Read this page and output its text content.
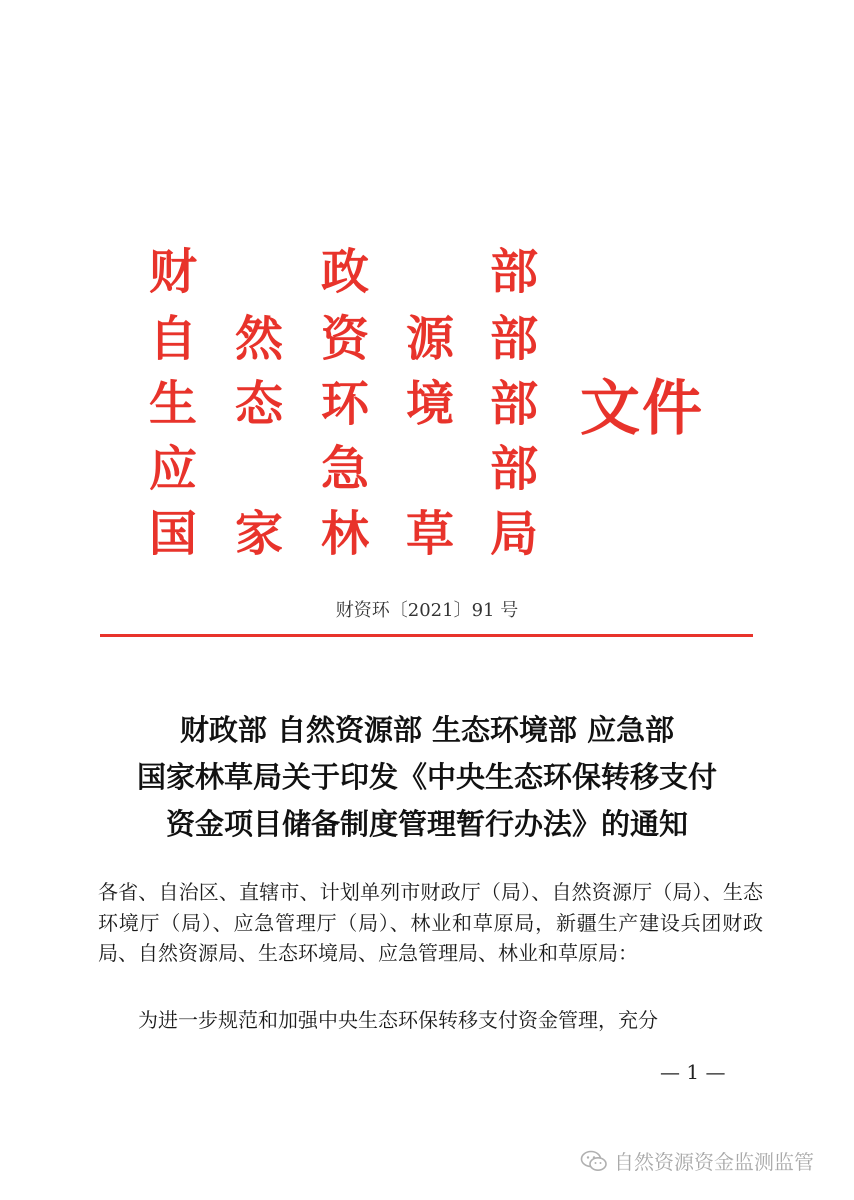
财	政	部
自 然 资 源 部
生 态 环 境 部
应	急	部
国 家 林 草 局
文件
财资环〔2021〕91 号
财政部 自然资源部 生态环境部 应急部
国家林草局关于印发《中央生态环保转移支付
资金项目储备制度管理暂行办法》的通知
各省、自治区、直辖市、计划单列市财政厅（局）、自然资源厅（局）、生态环境厅（局）、应急管理厅（局）、林业和草原局，新疆生产建设兵团财政局、自然资源局、生态环境局、应急管理局、林业和草原局：
为进一步规范和加强中央生态环保转移支付资金管理，充分
— 1 —
自然资源资金监测监管
